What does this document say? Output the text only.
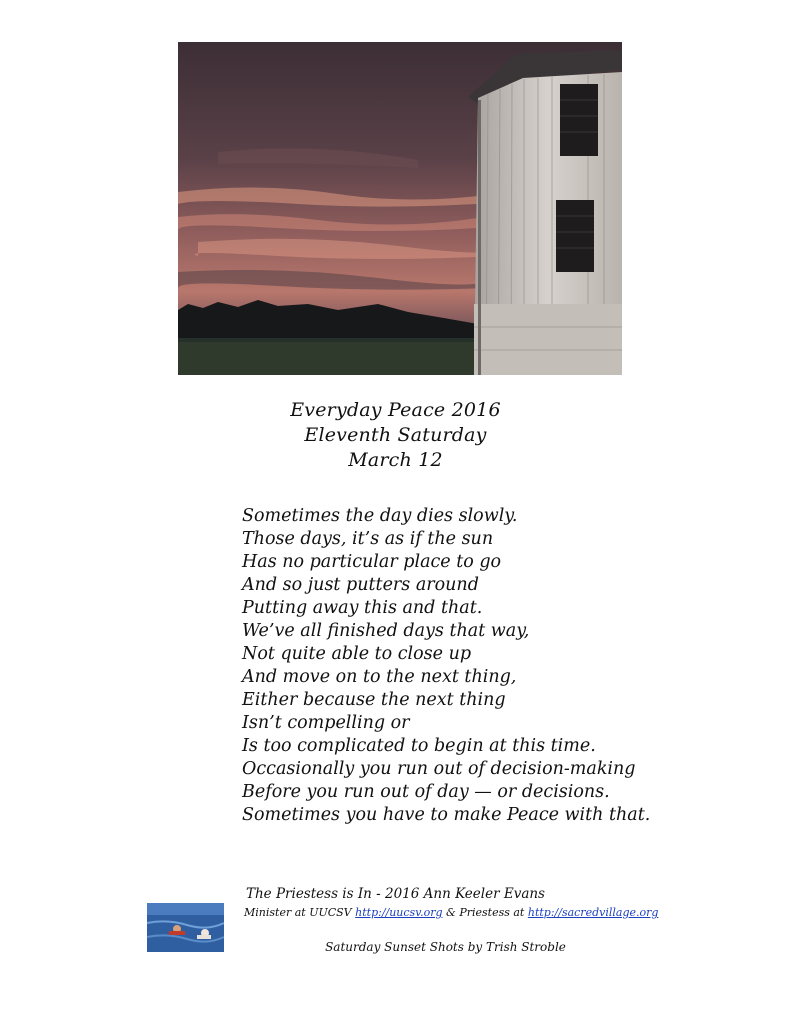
Everyday Peace 2016
Eleventh Saturday
March 12
Sometimes the day dies slowly.
Those days, it’s as if the sun
Has no particular place to go
And so just putters around
Putting away this and that.
We’ve all finished days that way,
Not quite able to close up
And move on to the next thing,
Either because the next thing
Isn’t compelling or
Is too complicated to begin at this time.
Occasionally you run out of decision-making
Before you run out of day — or decisions.
Sometimes you have to make Peace with that.
The Priestess is In - 2016 Ann Keeler Evans
Minister at UUCSV http://uucsv.org & Priestess at http://sacredvillage.org
Saturday Sunset Shots by Trish Stroble
